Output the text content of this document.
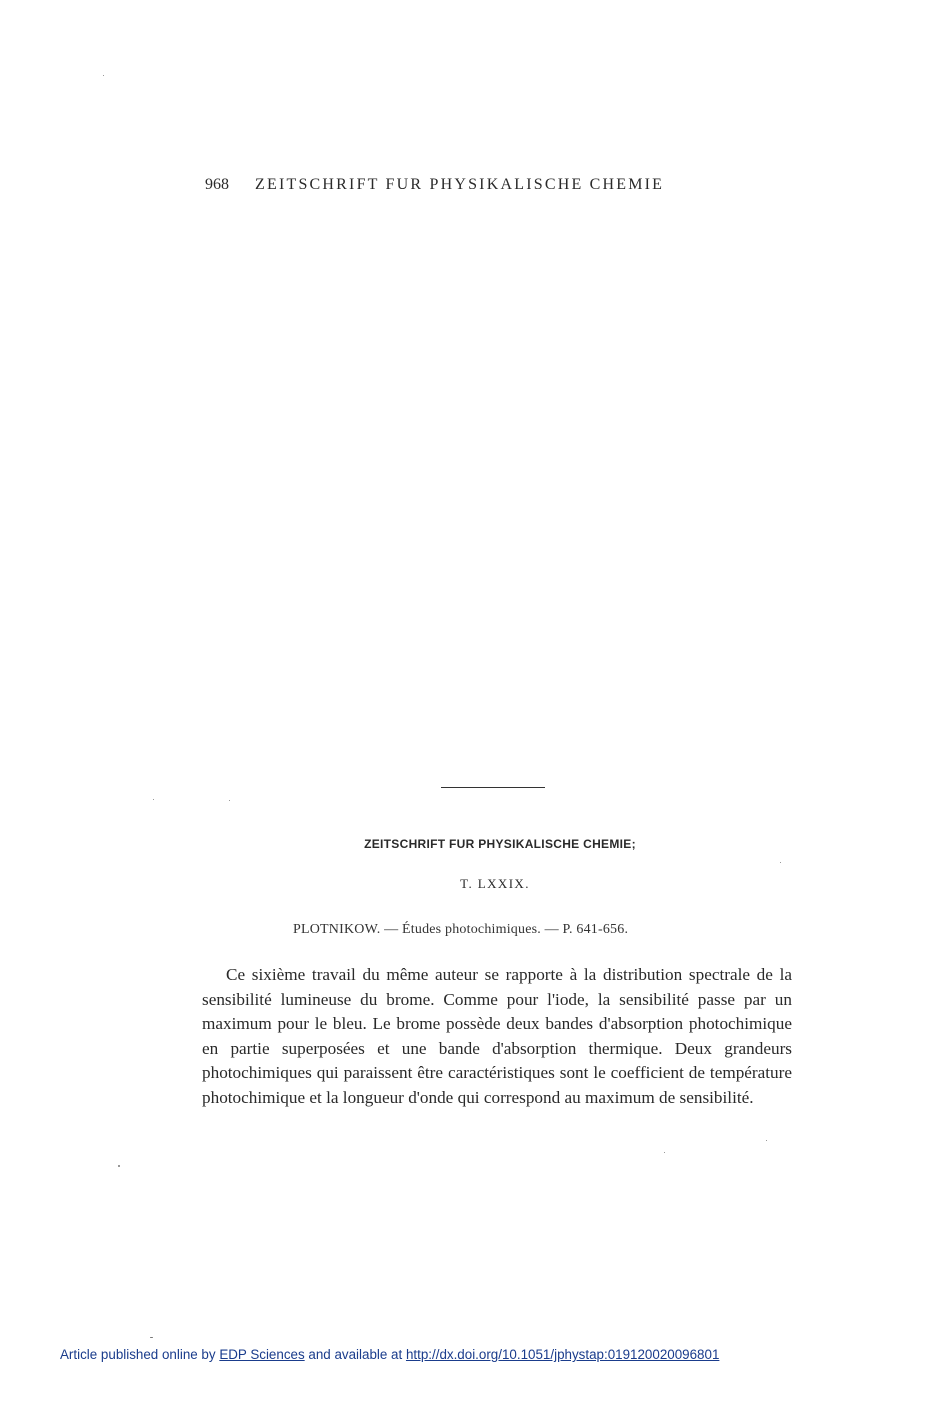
968 ZEITSCHRIFT FUR PHYSIKALISCHE CHEMIE
ZEITSCHRIFT FUR PHYSIKALISCHE CHEMIE;
T. LXXIX.
PLOTNIKOW. — Études photochimiques. — P. 641-656.

Ce sixième travail du même auteur se rapporte à la distribution spectrale de la sensibilité lumineuse du brome. Comme pour l'iode, la sensibilité passe par un maximum pour le bleu. Le brome possède deux bandes d'absorption photochimique en partie superposées et une bande d'absorption thermique. Deux grandeurs photochimiques qui paraissent être caractéristiques sont le coefficient de température photochimique et la longueur d'onde qui correspond au maximum de sensibilité.

Article published online by EDP Sciences and available at http://dx.doi.org/10.1051/jphystap:019120020096801
